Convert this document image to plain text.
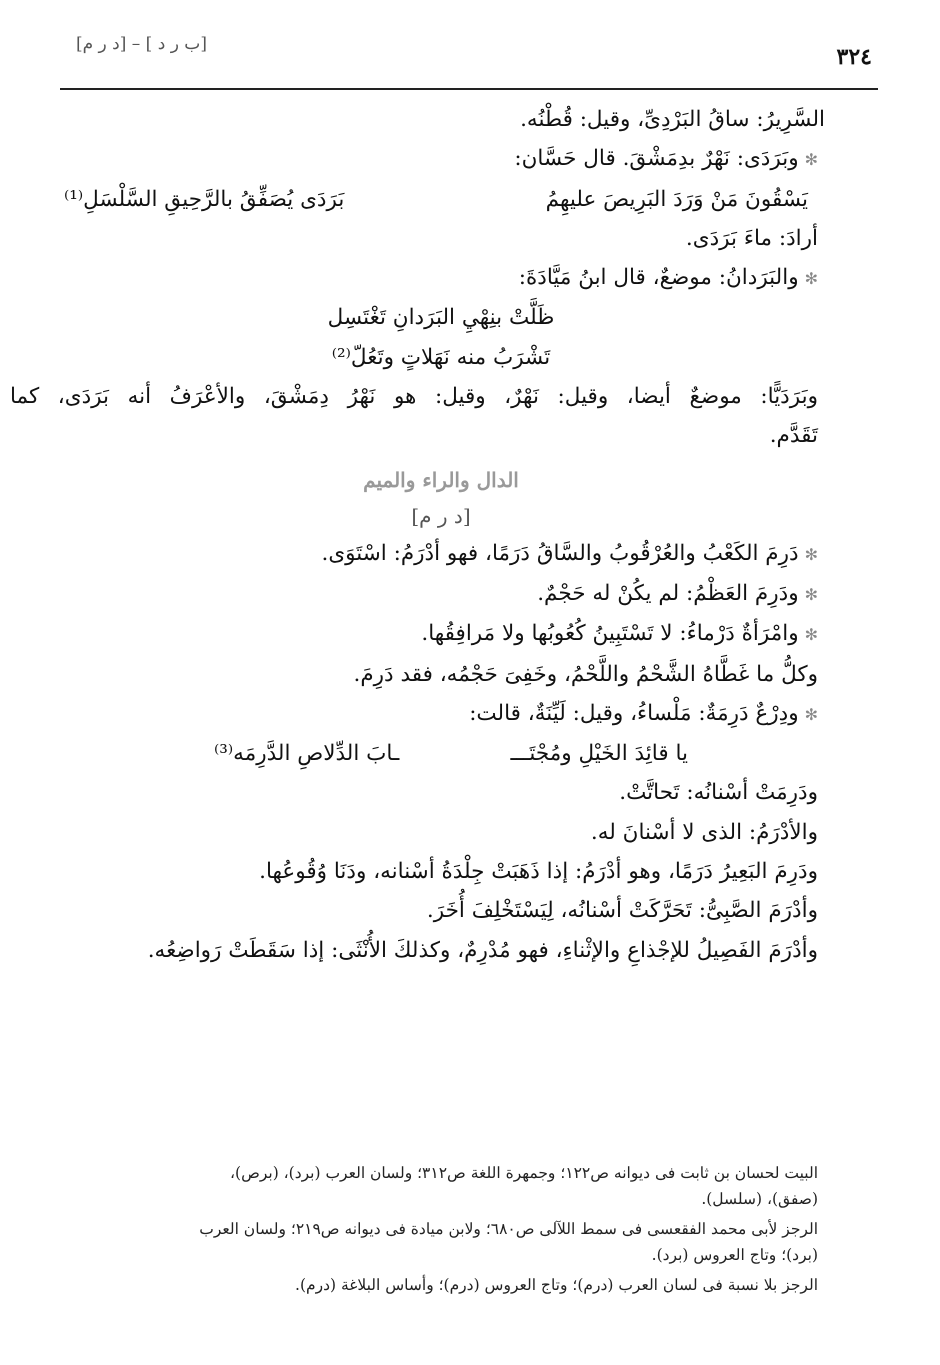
[ب ر د ] – [د ر م]	٣٢٤
السَّرِيرُ: ساقُ البَرْدِىِّ، وقيل: قُطْنُه.
✻وبَرَدَى: نَهْرٌ بدِمَشْقَ. قال حَسَّان:
يَسْقُونَ مَنْ وَرَدَ البَرِيصَ عليهِمُ
بَرَدَى يُصَفِّقُ بالرَّحِيقِ السَّلْسَلِ⁽¹⁾
أرادَ: ماءَ بَرَدَى.
✻والبَرَدانُ: موضعٌ، قال ابنُ مَيَّادَةَ:
ظَلَّتْ بنِهْيِ البَرَدانِ تَغْتَسِل
تَشْرَبُ منه نَهَلاتٍ وتَعُلّ⁽²⁾
وبَرَدَيًّا: موضعٌ أيضا، وقيل: نَهْرٌ، وقيل: هو نَهْرُ دِمَشْقَ، والأعْرَفُ أنه بَرَدَى، كما
تَقَدَّم.
الدال والراء والميم
[د ر م]
✻دَرِمَ الكَعْبُ والعُرْقُوبُ والسَّاقُ دَرَمًا، فهو أدْرَمُ: اسْتَوَى.
✻ودَرِمَ العَظْمُ: لم يكُنْ له حَجْمٌ.
✻وامْرَأةٌ دَرْماءُ: لا تَسْتَبِينُ كُعُوبُها ولا مَرافِقُها.
وكلُّ ما غَطَّاهُ الشَّحْمُ واللَّحْمُ، وخَفِىَ حَجْمُه، فقد دَرِمَ.
✻ودِرْعٌ دَرِمَةٌ: مَلْساءُ، وقيل: لَيِّنَةٌ، قالت:
يا قائِدَ الخَيْلِ ومُجْتَـــ
ـابَ الدِّلاصِ الدَّرِمَه⁽³⁾
ودَرِمَتْ أسْنانُه: تَحاتَّتْ.
والأدْرَمُ: الذى لا أسْنانَ له.
ودَرِمَ البَعِيرُ دَرَمًا، وهو أدْرَمُ: إذا ذَهَبَتْ جِلْدَةُ أسْنانه، ودَنَا وُقُوعُها.
وأدْرَمَ الصَّبِىُّ: تَحَرَّكَتْ أسْنانُه، لِيَسْتَخْلِفَ أُخَرَ.
وأدْرَمَ الفَصِيلُ للإجْذاعِ والإثْناءِ، فهو مُدْرِمٌ، وكذلكَ الأُنْثَى: إذا سَقَطَتْ رَواضِعُه.
البيت لحسان بن ثابت فى ديوانه ص١٢٢؛ وجمهرة اللغة ص٣١٢؛ ولسان العرب (برد)، (برص)،
(صفق)، (سلسل).
الرجز لأبى محمد الفقعسى فى سمط اللآلى ص٦٨٠؛ ولابن ميادة فى ديوانه ص٢١٩؛ ولسان العرب
(برد)؛ وتاج العروس (برد).
الرجز بلا نسبة فى لسان العرب (درم)؛ وتاج العروس (درم)؛ وأساس البلاغة (درم).
